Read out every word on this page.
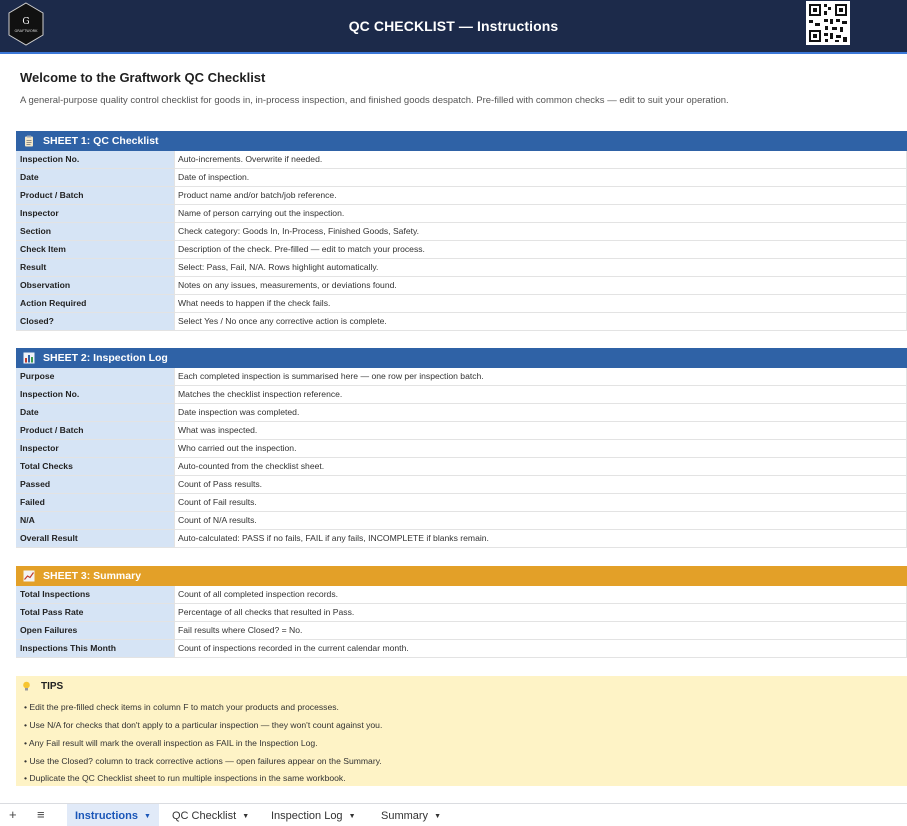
G
GRAFTWORK	QC CHECKLIST — Instructions
Welcome to the Graftwork QC Checklist
A general-purpose quality control checklist for goods in, in-process inspection, and finished goods despatch. Pre-filled with common checks — edit to suit your operation.
SHEET 1: QC Checklist
Inspection No.	Auto-increments. Overwrite if needed.
Date	Date of inspection.
Product / Batch	Product name and/or batch/job reference.
Inspector	Name of person carrying out the inspection.
Section	Check category: Goods In, In-Process, Finished Goods, Safety.
Check Item	Description of the check. Pre-filled — edit to match your process.
Result	Select: Pass, Fail, N/A. Rows highlight automatically.
Observation	Notes on any issues, measurements, or deviations found.
Action Required	What needs to happen if the check fails.
Closed?	Select Yes / No once any corrective action is complete.
SHEET 2: Inspection Log
Purpose	Each completed inspection is summarised here — one row per inspection batch.
Inspection No.	Matches the checklist inspection reference.
Date	Date inspection was completed.
Product / Batch	What was inspected.
Inspector	Who carried out the inspection.
Total Checks	Auto-counted from the checklist sheet.
Passed	Count of Pass results.
Failed	Count of Fail results.
N/A	Count of N/A results.
Overall Result	Auto-calculated: PASS if no fails, FAIL if any fails, INCOMPLETE if blanks remain.
SHEET 3: Summary
Total Inspections	Count of all completed inspection records.
Total Pass Rate	Percentage of all checks that resulted in Pass.
Open Failures	Fail results where Closed? = No.
Inspections This Month	Count of inspections recorded in the current calendar month.
TIPS
• Edit the pre-filled check items in column F to match your products and processes.
• Use N/A for checks that don't apply to a particular inspection — they won't count against you.
• Any Fail result will mark the overall inspection as FAIL in the Inspection Log.
• Use the Closed? column to track corrective actions — open failures appear on the Summary.
• Duplicate the QC Checklist sheet to run multiple inspections in the same workbook.
+ ≡	Instructions ▼	QC Checklist ▼	Inspection Log ▼	Summary ▼
